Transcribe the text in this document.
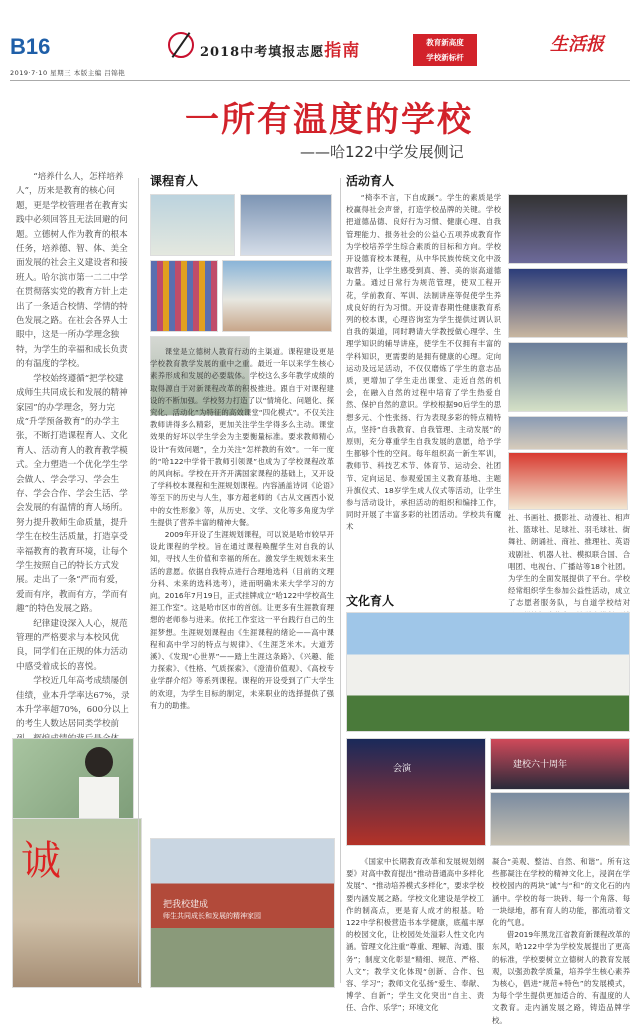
B16
2019·7·10 星期三 本版主编 吕锦艳
2018中考填报志愿指南	教育新高度
学校新标杆
生活报
一所有温度的学校
——哈122中学发展侧记

“培养什么人，怎样培养人”，历来是教育的核心问题，更是学校管理者在教育实践中必须回答且无法回避的问题。立德树人作为教育的根本任务，培养德、智、体、美全面发展的社会主义建设者和接班人。哈尔滨市第一二二中学在贯彻落实党的教育方针上走出了一条适合校情、学情的特色发展之路。在社会各界人士眼中，这是一所办学理念独特，为学生的幸福和成长负责的有温度的学校。

学校始终遵循“把学校建成师生共同成长和发展的精神家园”的办学理念，努力完成“升学预备教育”的办学主张，不断打造课程育人、文化育人、活动育人的教育教学模式。全力塑造一个优化学生学会做人、学会学习、学会生存、学会合作、学会生活、学会发展的有温情的育人场所。努力提升教师生命质量，提升学生在校生活质量，打造享受幸福教育的教育环境，让每个学生按照自己的特长方式发展。走出了一条“严而有爱，爱而有序，教而有方，学而有趣”的特色发展之路。

纪律建设深入人心，规范管理的严格要求与本校风优良，同学们在正规的体力活动中感受着成长的喜悦。

学校近几年高考成绩屡创佳绩，业本升学率达67%，录本升学率超70%，600分以上的考生人数达居同类学校前

诚
课程育人

课堂是立德树人教育行动的主渠道。课程建设更是学校教育教学发展的重中之重。最近一年以来学生核心素养形成和发展的必要载体。学校这么多年教学成绩的取得源自于对新课程改革的积极推进。跟自于对课程建设的不断加强。学校努力打造了以“情境化、问题化、探究化、活动化”为特征的高效课堂“四化模式”。不仅关注教师讲得多么精彩，更加关注学生学得多么主动。课堂效果的好坏以学生学会为主要衡量标准。要求教师精心设计“有效问题”，全力关注“怎样教的有效”。一年一度的“哈122中学骨干教师引领课”也成为了学校课程改革的风向标。学校在开齐开满国家课程的基础上，又开设了学科校本课程和生涯规划课程。内容涵盖诗词《论语》等至下的历史与人生，事方超老师的《古从文画西小说中的女性形象》等，从历史、文学、文化等多角度为学生提供了营养丰富的精神大餐。

2009年开设了生涯规划课程，可以说是哈市较早开设此课程的学校。旨在通过课程唤醒学生对自我的认知，寻找人生价值和幸福的所在。激发学生规划未来生活的意愿。依据自我特点进行合理地选科（目前的文理分科、未来的选科选考），进而明确未来大学学习的方向。2016年7月19日，正式挂牌成立“哈122中学校高生涯工作室”。这是哈市区市的首创。让更多有生涯教育理想的老师参与进来。依托工作室这一平台践行自己的生涯梦想。生涯规划课程由《生涯课程的绪论——高中课程和高中学习的特点与规律》、《生涯芝米木。大道芳溪》、《发现“心世界”——踏上生涯这条路》、《兴趣、能力探索》、《性格、气质探索》、《澄清价值观》、《高校专业学群介绍》等系列课程。课程的开设受到了广大学生的欢迎，为学生目标的制定，未来职业的选择提供了强有力的助推。

把我校建成
师生共同成长和发展的精神家园
活动育人

“椅李不言，下自成蹊”。学生的素质是学校赢得社会声誉，打造学校品牌的关键。学校把道德品德、良好行为习惯、健康心理、自我管理能力、报务社会的公益心五项养成教育作为学校培养学生综合素质的目标和方向。学校开设德育校本课程，从中华民族传统文化中汲取营养，让学生感受到真、善、美的崇高道德力量。通过日常行为规范管理，使双工程开花，学前教育、军训、法制讲座等促使学生养成良好的行为习惯。开设青春期性健康教育系列的校本课，心理咨询室为学生提供过调认识自我的渠道，同时聘请大学教授做心理学、生理学知识的辅导讲座，使学生不仅拥有丰富的学科知识，更需要的是拥有健康的心理。定向运动及远足活动，不仅仅磨炼了学生的意志品质，更增加了学生走出课堂、走近自然的机会，在融入自然的过程中培育了学生热爱自然、保护自然的意识。学校根据90后学生的思想多元、个性张扬、行为表现多彩的特点精特点，坚持“自我教育、自我管理、主动发展”的原则，充分尊重学生自我发展的意愿，给予学生都够个性的空间。每年组织高一新生军训，教师节、科技艺术节、体育节、运动会、社团节、定向运足、参观爱国主义教育基地、主题升旗仪式、18岁学生成人仪式等活动，让学生参与活动设计，承担活动的组织和编排工作，同时开展了丰富多彩的社团活动。学校共有魔术

社、书画社、摄影社、动漫社、相声社、篮球社、足球社、羽毛球社、街舞社、朗诵社、商社、推理社、英语戏剧社、机器人社、模拟联合国、合唱团、电视台、广播站等18个社团。为学生的全面发展提供了平台。学校经常组织学生参加公益性活动，成立了志愿者服务队，与自道学校结对

文化育人
会演	建校六十周年

《国家中长期教育改革和发展规划纲要》对高中教育提出“推动普通高中多样化发展”、“推动培养模式多样化”，要求学校要内涵发展之路。学校文化建设是学校工作的制高点，更是育人成才的根基。哈122中学积极营造书本学健康，底蕴丰厚的校园文化，让校园处处溢彩人性文化内涵。管理文化注重“尊重、理解、沟通、服务”；制度文化彰显“精细、规范、严格、人文”；教学文化体现“创新、合作、包容、学习”；教师文化弘扬“爱生、奉献、博学、自新”；学生文化突出“自主、责任、合作、乐学”；环境文化

凝合“美观、整洁、自然、和谐”。所有这些都凝注在学校的精神文化上，浸润在学校校园内的两块“诚”与“和”的文化石的内涵中。学校的每一块砖、每一个角落、每一块绿地，都有育人的功能，都流动着文化的气息。

借2019年黑龙江省教育新课程改革的东风，哈122中学为学校发展提出了更高的标准，学校要树立立德树人的教育发展观，以强劲教学质量，培养学生核心素养为核心，倡进“规范+特色”的发展模式，为每个学生提供更加适合的、有温度的人文教育。走内涵发展之路，铸造品牌学校。
